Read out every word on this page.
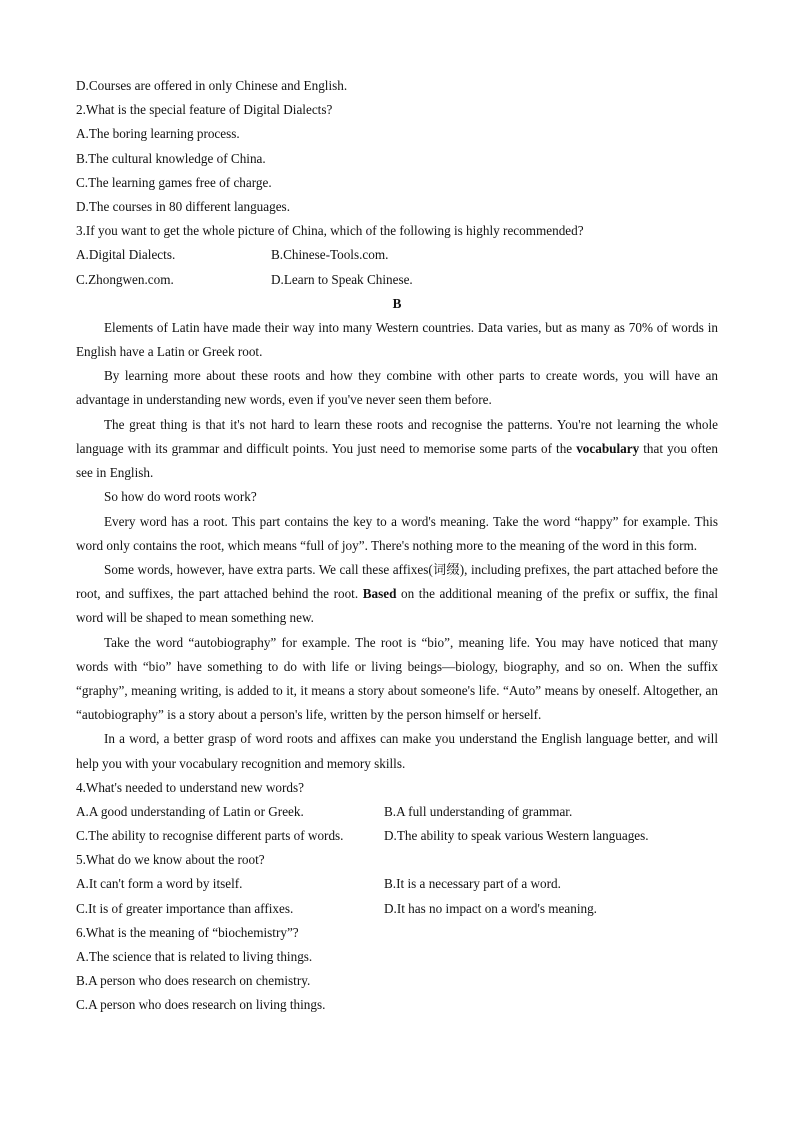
D.Courses are offered in only Chinese and English.
2.What is the special feature of Digital Dialects?
A.The boring learning process.
B.The cultural knowledge of China.
C.The learning games free of charge.
D.The courses in 80 different languages.
3.If you want to get the whole picture of China, which of the following is highly recommended?
A.Digital Dialects.	B.Chinese-Tools.com.
C.Zhongwen.com.	D.Learn to Speak Chinese.
B

Elements of Latin have made their way into many Western countries. Data varies, but as many as 70% of words in English have a Latin or Greek root.

By learning more about these roots and how they combine with other parts to create words, you will have an advantage in understanding new words, even if you've never seen them before.

The great thing is that it's not hard to learn these roots and recognise the patterns. You're not learning the whole language with its grammar and difficult points. You just need to memorise some parts of the vocabulary that you often see in English.

So how do word roots work?

Every word has a root. This part contains the key to a word's meaning. Take the word “happy” for example. This word only contains the root, which means “full of joy”. There's nothing more to the meaning of the word in this form.

Some words, however, have extra parts. We call these affixes(词缀), including prefixes, the part attached before the root, and suffixes, the part attached behind the root. Based on the additional meaning of the prefix or suffix, the final word will be shaped to mean something new.

Take the word “autobiography” for example. The root is “bio”, meaning life. You may have noticed that many words with “bio” have something to do with life or living beings—biology, biography, and so on. When the suffix “graphy”, meaning writing, is added to it, it means a story about someone's life. “Auto” means by oneself. Altogether, an “autobiography” is a story about a person's life, written by the person himself or herself.

In a word, a better grasp of word roots and affixes can make you understand the English language better, and will help you with your vocabulary recognition and memory skills.

4.What's needed to understand new words?
A.A good understanding of Latin or Greek.	B.A full understanding of grammar.
C.The ability to recognise different parts of words.	D.The ability to speak various Western languages.
5.What do we know about the root?
A.It can't form a word by itself.	B.It is a necessary part of a word.
C.It is of greater importance than affixes.	D.It has no impact on a word's meaning.
6.What is the meaning of “biochemistry”?
A.The science that is related to living things.
B.A person who does research on chemistry.
C.A person who does research on living things.
